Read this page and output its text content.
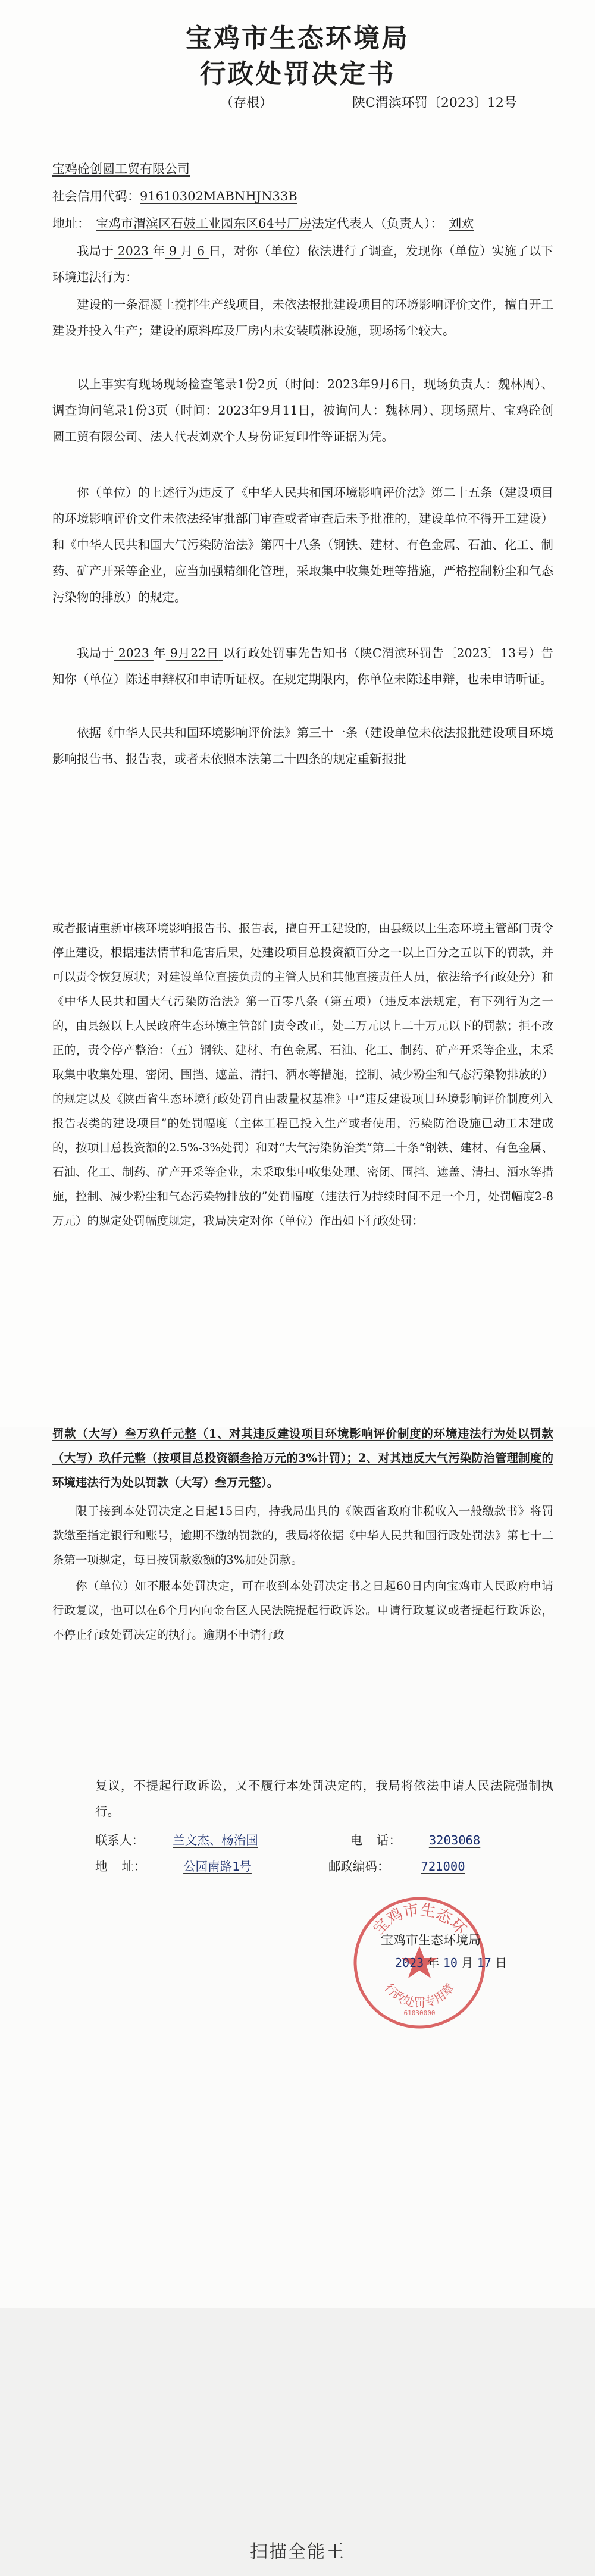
宝鸡市生态环境局
行政处罚决定书
（存根）	陕C渭滨环罚〔2023〕12号
宝鸡砼创圆工贸有限公司
社会信用代码：91610302MABNHJN33B
地址： 宝鸡市渭滨区石鼓工业园东区64号厂房法定代表人（负责人）： 刘欢

我局于 2023 年 9 月 6 日，对你（单位）依法进行了调查，发现你（单位）实施了以下环境违法行为：

建设的一条混凝土搅拌生产线项目，未依法报批建设项目的环境影响评价文件，擅自开工建设并投入生产；建设的原料库及厂房内未安装喷淋设施，现场扬尘较大。

以上事实有现场现场检查笔录1份2页（时间：2023年9月6日，现场负责人：魏林周）、调查询问笔录1份3页（时间：2023年9月11日，被询问人：魏林周）、现场照片、宝鸡砼创圆工贸有限公司、法人代表刘欢个人身份证复印件等证据为凭。

你（单位）的上述行为违反了《中华人民共和国环境影响评价法》第二十五条（建设项目的环境影响评价文件未依法经审批部门审查或者审查后未予批准的，建设单位不得开工建设）和《中华人民共和国大气污染防治法》第四十八条（钢铁、建材、有色金属、石油、化工、制药、矿产开采等企业，应当加强精细化管理，采取集中收集处理等措施，严格控制粉尘和气态污染物的排放）的规定。

我局于 2023 年 9月22日 以行政处罚事先告知书（陕C渭滨环罚告〔2023〕13号）告知你（单位）陈述申辩权和申请听证权。在规定期限内，你单位未陈述申辩，也未申请听证。

依据《中华人民共和国环境影响评价法》第三十一条（建设单位未依法报批建设项目环境影响报告书、报告表，或者未依照本法第二十四条的规定重新报批

或者报请重新审核环境影响报告书、报告表，擅自开工建设的，由县级以上生态环境主管部门责令停止建设，根据违法情节和危害后果，处建设项目总投资额百分之一以上百分之五以下的罚款，并可以责令恢复原状；对建设单位直接负责的主管人员和其他直接责任人员，依法给予行政处分）和《中华人民共和国大气污染防治法》第一百零八条（第五项）（违反本法规定，有下列行为之一的，由县级以上人民政府生态环境主管部门责令改正，处二万元以上二十万元以下的罚款；拒不改正的，责令停产整治：（五）钢铁、建材、有色金属、石油、化工、制药、矿产开采等企业，未采取集中收集处理、密闭、围挡、遮盖、清扫、洒水等措施，控制、减少粉尘和气态污染物排放的）的规定以及《陕西省生态环境行政处罚自由裁量权基准》中“违反建设项目环境影响评价制度列入报告表类的建设项目”的处罚幅度（主体工程已投入生产或者使用，污染防治设施已动工未建成的，按项目总投资额的2.5%-3%处罚）和对“大气污染防治类”第二十条“钢铁、建材、有色金属、石油、化工、制药、矿产开采等企业，未采取集中收集处理、密闭、围挡、遮盖、清扫、洒水等措施，控制、减少粉尘和气态污染物排放的”处罚幅度（违法行为持续时间不足一个月，处罚幅度2-8万元）的规定处罚幅度规定，我局决定对你（单位）作出如下行政处罚：

罚款（大写）叁万玖仟元整（1、对其违反建设项目环境影响评价制度的环境违法行为处以罚款（大写）玖仟元整（按项目总投资额叁拾万元的3%计罚）；2、对其违反大气污染防治管理制度的环境违法行为处以罚款（大写）叁万元整）。

限于接到本处罚决定之日起15日内，持我局出具的《陕西省政府非税收入一般缴款书》将罚款缴至指定银行和账号，逾期不缴纳罚款的，我局将依据《中华人民共和国行政处罚法》第七十二条第一项规定，每日按罚款数额的3%加处罚款。

你（单位）如不服本处罚决定，可在收到本处罚决定书之日起60日内向宝鸡市人民政府申请行政复议，也可以在6个月内向金台区人民法院提起行政诉讼。申请行政复议或者提起行政诉讼，不停止行政处罚决定的执行。逾期不申请行政

复议，不提起行政诉讼，又不履行本处罚决定的，我局将依法申请人民法院强制执行。

联系人： 兰文杰、杨治国	电 话： 3203068
地 址：	公园南路1号	邮政编码：	721000
宝鸡市生态环
行政处罚专用章
61030000
宝鸡市生态环境局
2023 年 10 月 17 日
扫描全能王
